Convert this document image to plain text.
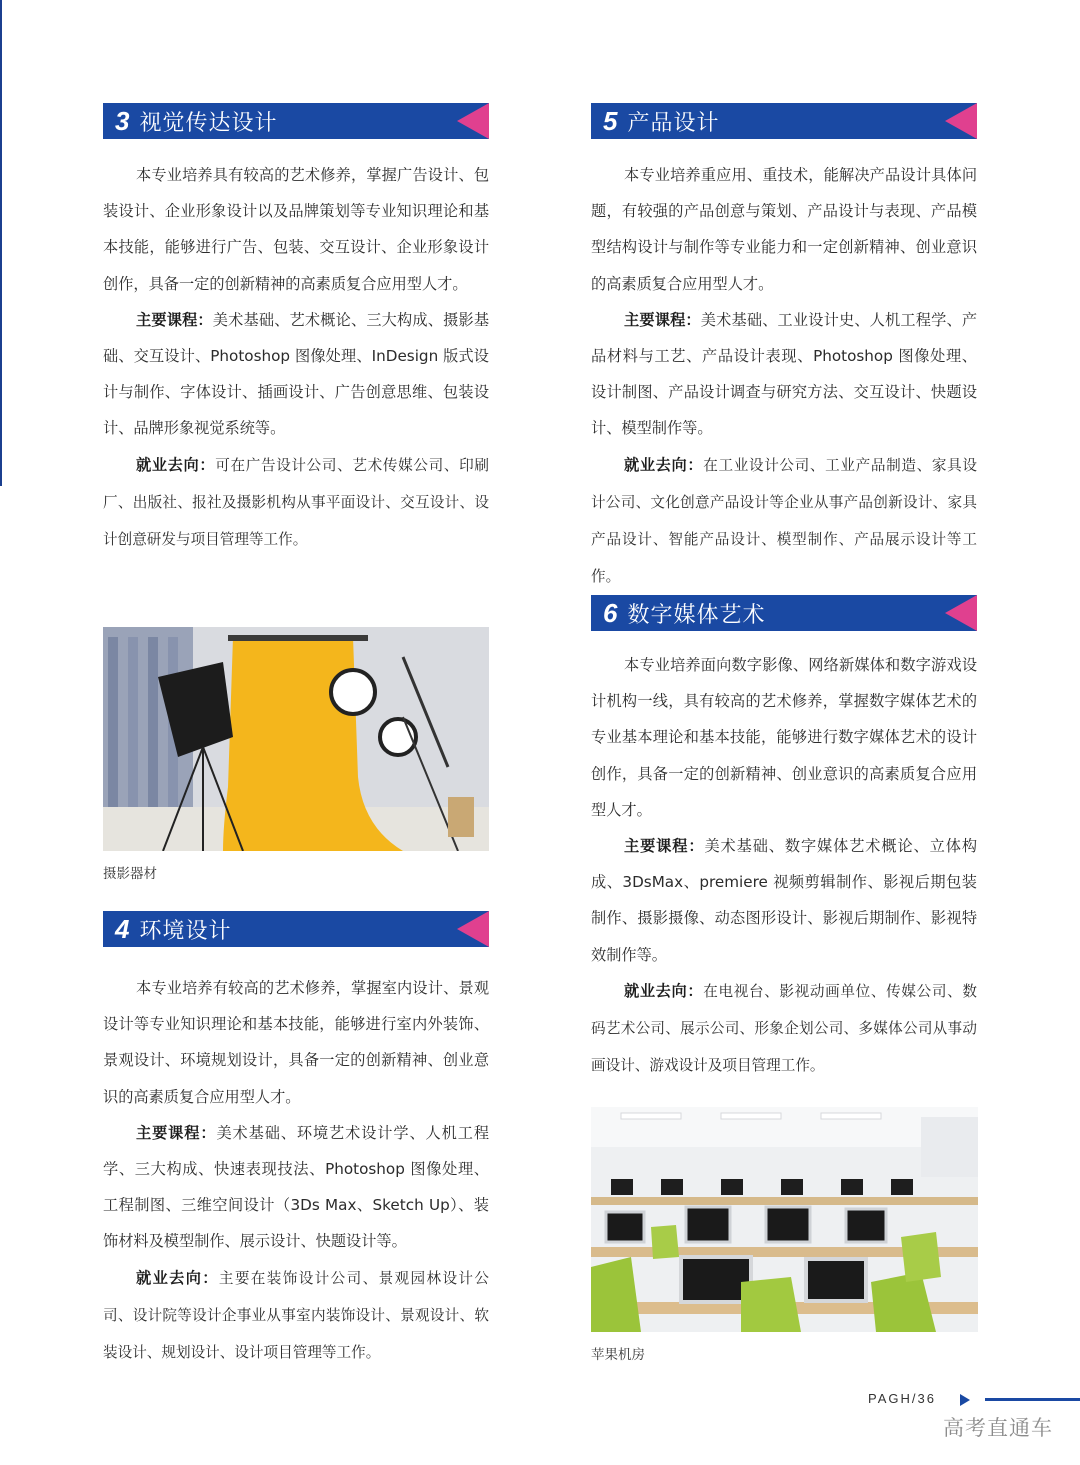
3 视觉传达设计

本专业培养具有较高的艺术修养，掌握广告设计、包装设计、企业形象设计以及品牌策划等专业知识理论和基本技能，能够进行广告、包装、交互设计、企业形象设计创作，具备一定的创新精神的高素质复合应用型人才。

主要课程：美术基础、艺术概论、三大构成、摄影基础、交互设计、Photoshop 图像处理、InDesign 版式设计与制作、字体设计、插画设计、广告创意思维、包装设计、品牌形象视觉系统等。

就业去向：可在广告设计公司、艺术传媒公司、印刷厂、出版社、报社及摄影机构从事平面设计、交互设计、设计创意研发与项目管理等工作。

摄影器材
4 环境设计

本专业培养有较高的艺术修养，掌握室内设计、景观设计等专业知识理论和基本技能，能够进行室内外装饰、景观设计、环境规划设计，具备一定的创新精神、创业意识的高素质复合应用型人才。

主要课程：美术基础、环境艺术设计学、人机工程学、三大构成、快速表现技法、Photoshop 图像处理、工程制图、三维空间设计（3Ds Max、Sketch Up）、装饰材料及模型制作、展示设计、快题设计等。

就业去向：主要在装饰设计公司、景观园林设计公司、设计院等设计企事业从事室内装饰设计、景观设计、软装设计、规划设计、设计项目管理等工作。

5 产品设计

本专业培养重应用、重技术，能解决产品设计具体问题，有较强的产品创意与策划、产品设计与表现、产品模型结构设计与制作等专业能力和一定创新精神、创业意识的高素质复合应用型人才。

主要课程：美术基础、工业设计史、人机工程学、产品材料与工艺、产品设计表现、Photoshop 图像处理、设计制图、产品设计调查与研究方法、交互设计、快题设计、模型制作等。

就业去向：在工业设计公司、工业产品制造、家具设计公司、文化创意产品设计等企业从事产品创新设计、家具产品设计、智能产品设计、模型制作、产品展示设计等工作。

6 数字媒体艺术

本专业培养面向数字影像、网络新媒体和数字游戏设计机构一线，具有较高的艺术修养，掌握数字媒体艺术的专业基本理论和基本技能，能够进行数字媒体艺术的设计创作，具备一定的创新精神、创业意识的高素质复合应用型人才。

主要课程：美术基础、数字媒体艺术概论、立体构成、3DsMax、premiere 视频剪辑制作、影视后期包装制作、摄影摄像、动态图形设计、影视后期制作、影视特效制作等。

就业去向：在电视台、影视动画单位、传媒公司、数码艺术公司、展示公司、形象企划公司、多媒体公司从事动画设计、游戏设计及项目管理工作。

苹果机房
PAGH/36
高考直通车
